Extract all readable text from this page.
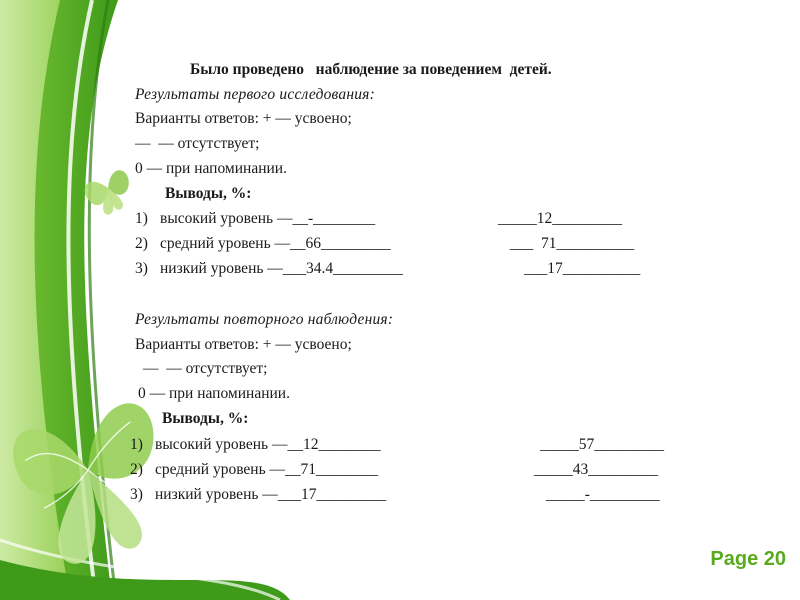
Было проведено   наблюдение за поведением  детей.
Результаты первого исследования:
Варианты ответов: + — усвоено;
—  — отсутствует;
0 — при напоминании.
Выводы, %:
1) высокий уровень —__-________	_____12_________
2) средний уровень —__66_________	___  71__________
3) низкий уровень —___34.4_________	___17__________
Результаты повторного наблюдения:
Варианты ответов: + — усвоено;
—  — отсутствует;
0 — при напоминании.
Выводы, %:
1) высокий уровень —__12________	_____57_________
2) средний уровень —__71________	_____43_________
3) низкий уровень —___17_________	_____-_________
Page 20
